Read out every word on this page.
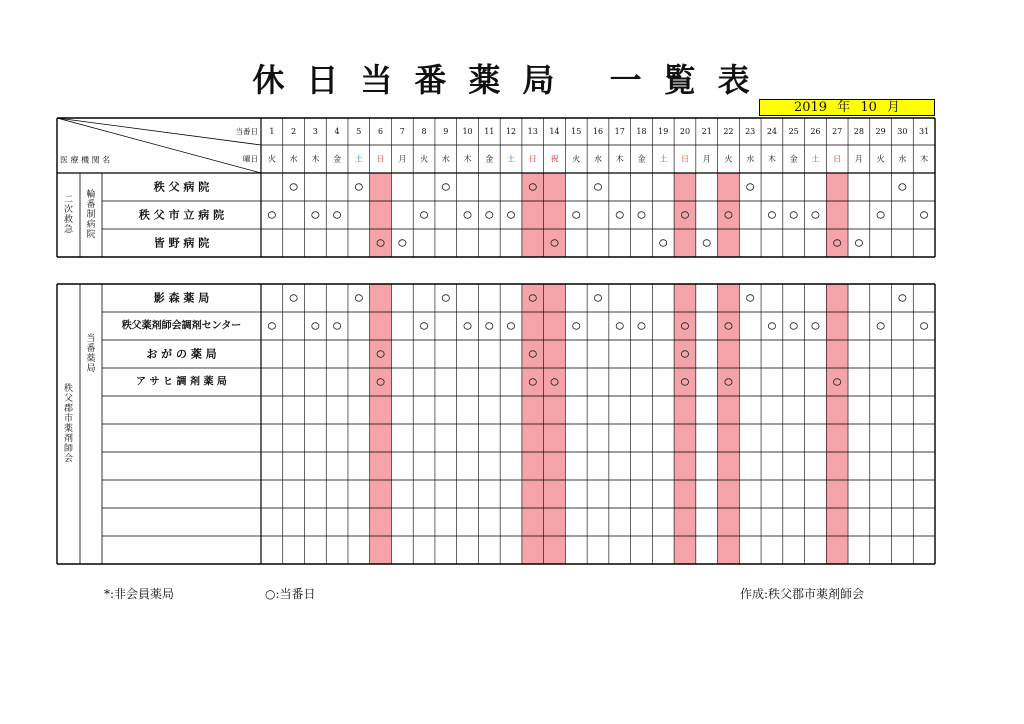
休日当番薬局 一覧表
2019 年 10 月
1
火
2
水
3
木
4
金
5
土
6
日
7
月
8
火
9
水
10
木
11
金
12
土
13
日
14
祝
15
火
16
水
17
木
18
金
19
土
20
日
21
月
22
火
23
水
24
木
25
金
26
土
27
日
28
月
29
火
30
水
31
木
当番日
曜日
医 療 機 関 名
二
次
救
急
輪
番
制
病
院
秩 父 病 院
秩 父 市 立 病 院
皆 野 病 院
秩
父
郡
市
薬
剤
師
会
当
番
薬
局
影 森 薬 局
秩父薬剤師会調剤センター
お が の 薬 局
ア サ ヒ 調 剤 薬 局
*:非会員薬局	○:当番日	作成:秩父郡市薬剤師会
